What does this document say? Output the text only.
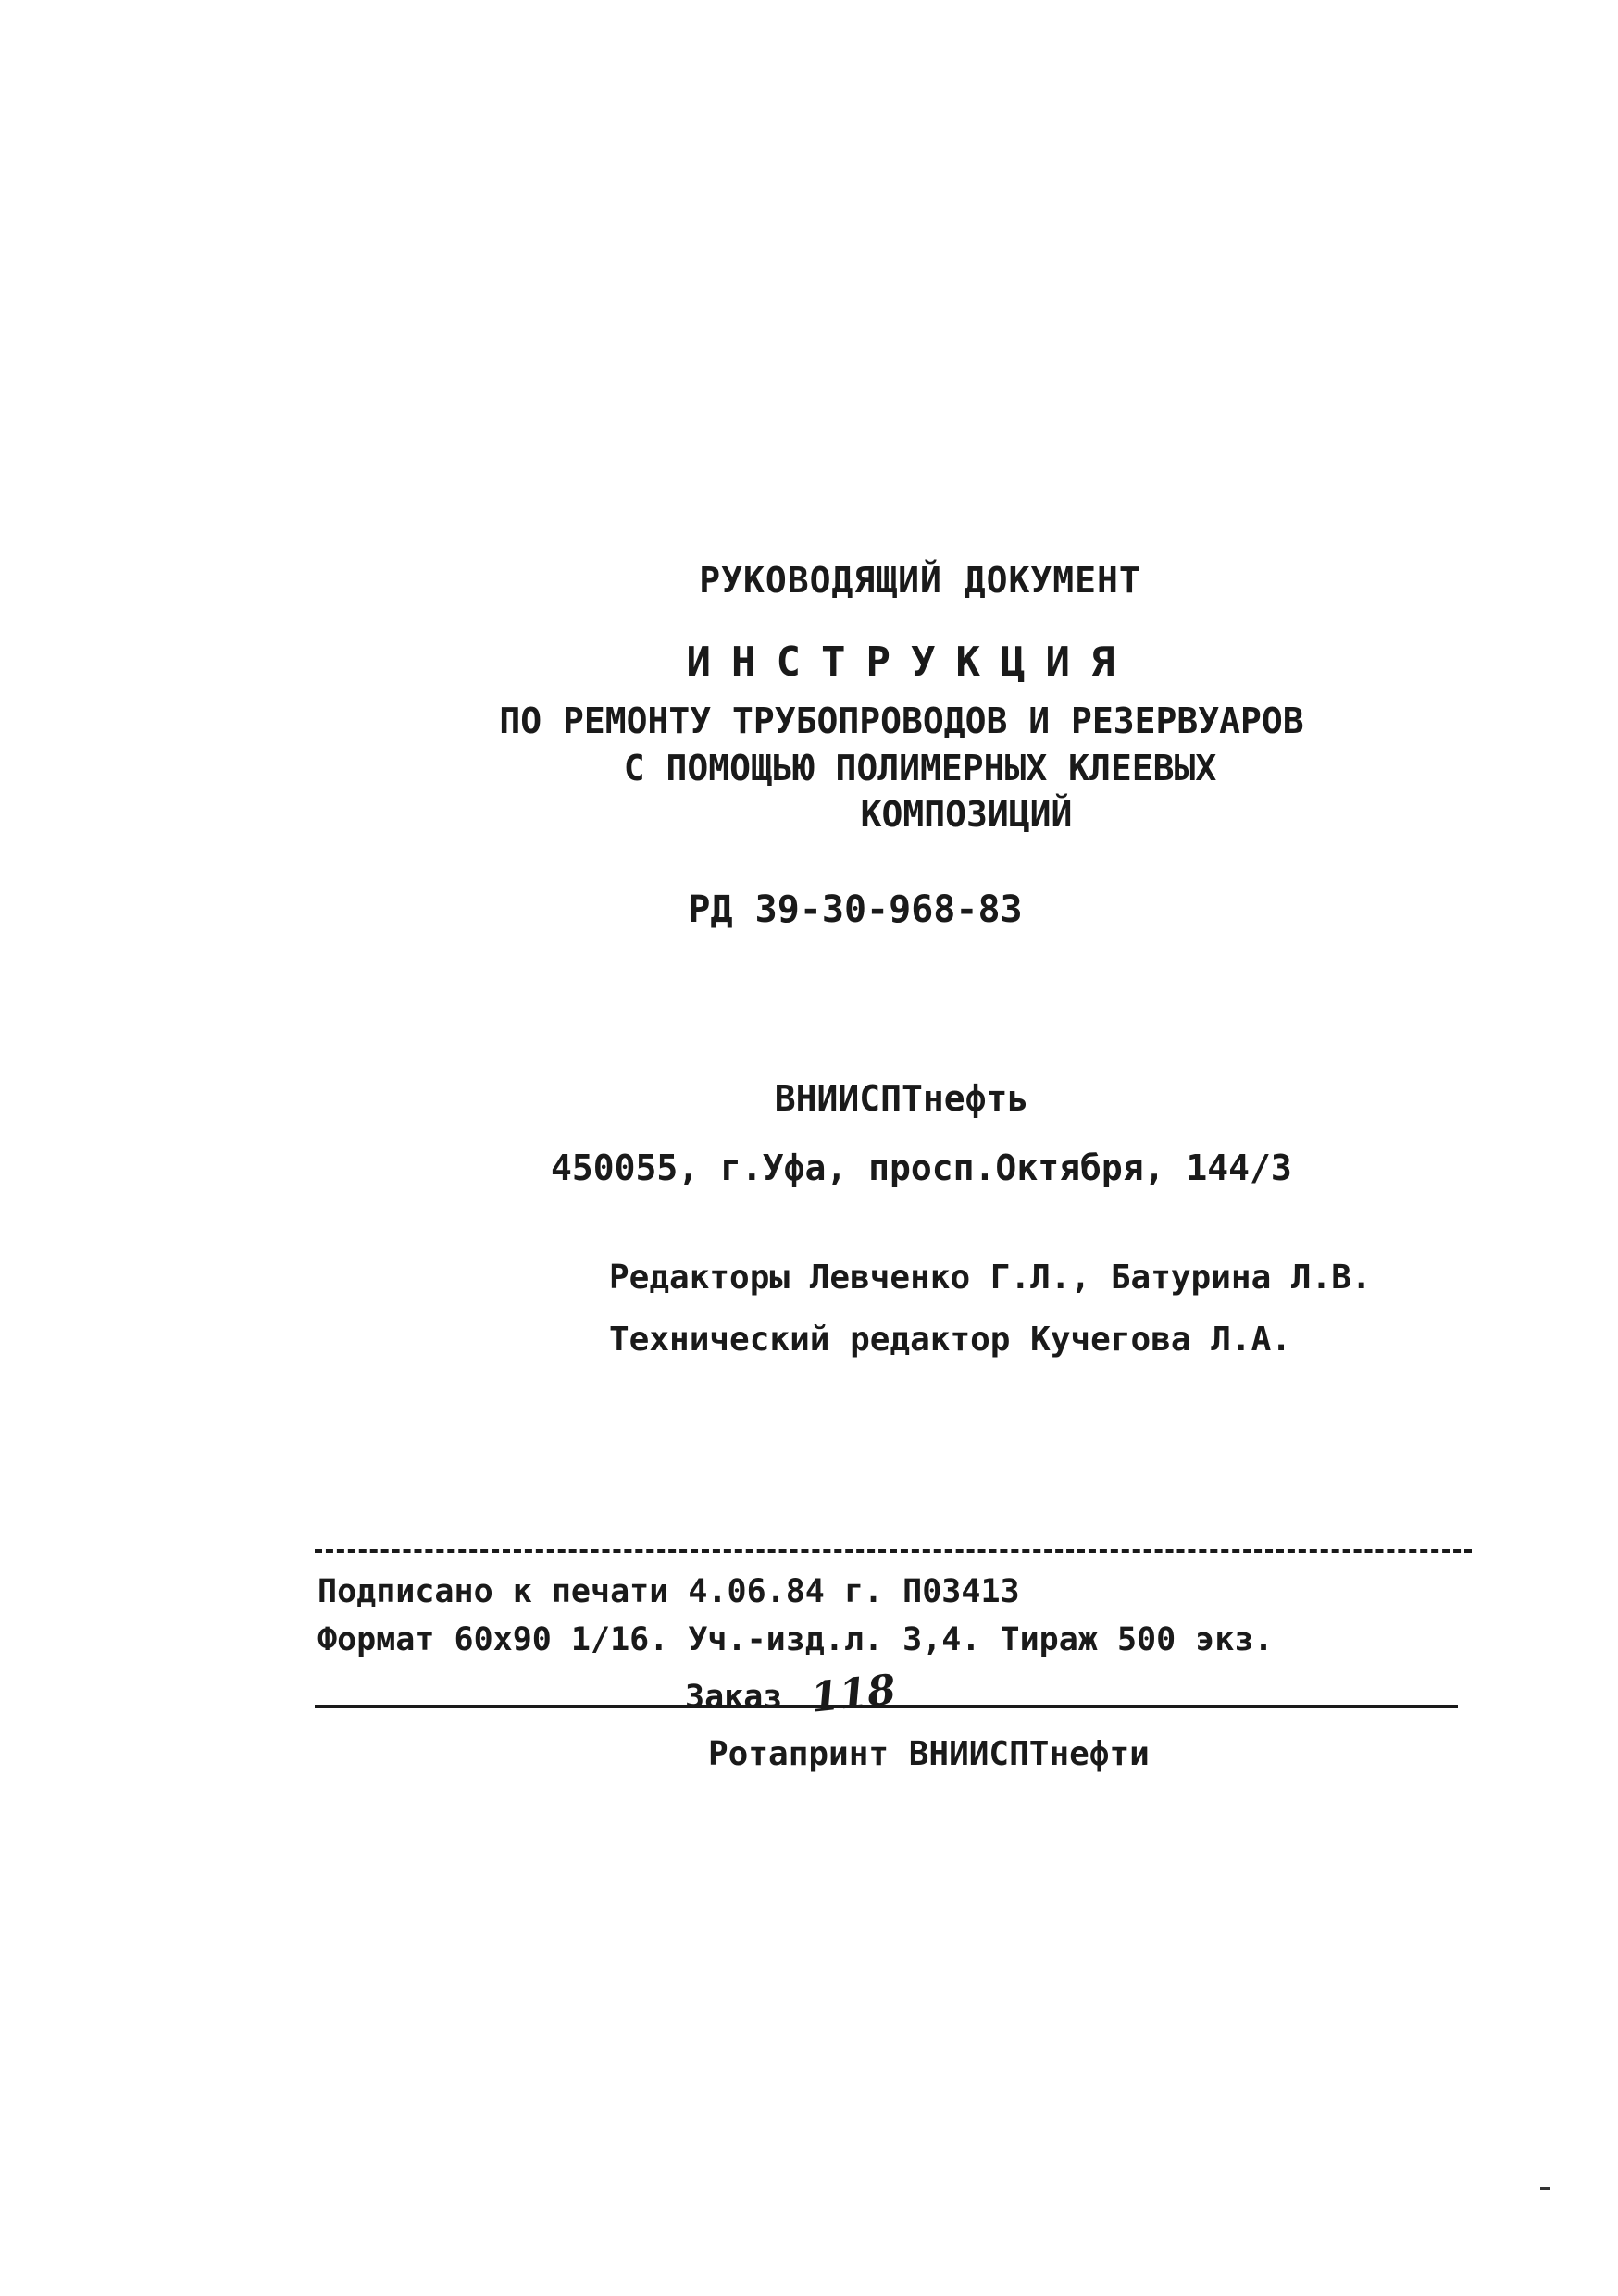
РУКОВОДЯЩИЙ ДОКУМЕНТ
ИНСТРУКЦИЯ
ПО РЕМОНТУ ТРУБОПРОВОДОВ И РЕЗЕРВУАРОВ
С ПОМОЩЬЮ ПОЛИМЕРНЫХ КЛЕЕВЫХ
КОМПОЗИЦИЙ
РД 39-30-968-83
ВНИИСПТнефть
450055, г.Уфа, просп.Октября, 144/3
Редакторы Левченко Г.Л., Батурина Л.В.
Технический редактор Кучегова Л.А.
Подписано к печати 4.06.84 г. П03413
Формат 60x90 1/16. Уч.-изд.л. 3,4. Тираж 500 экз.
Заказ 118
Ротапринт ВНИИСПТнефти
